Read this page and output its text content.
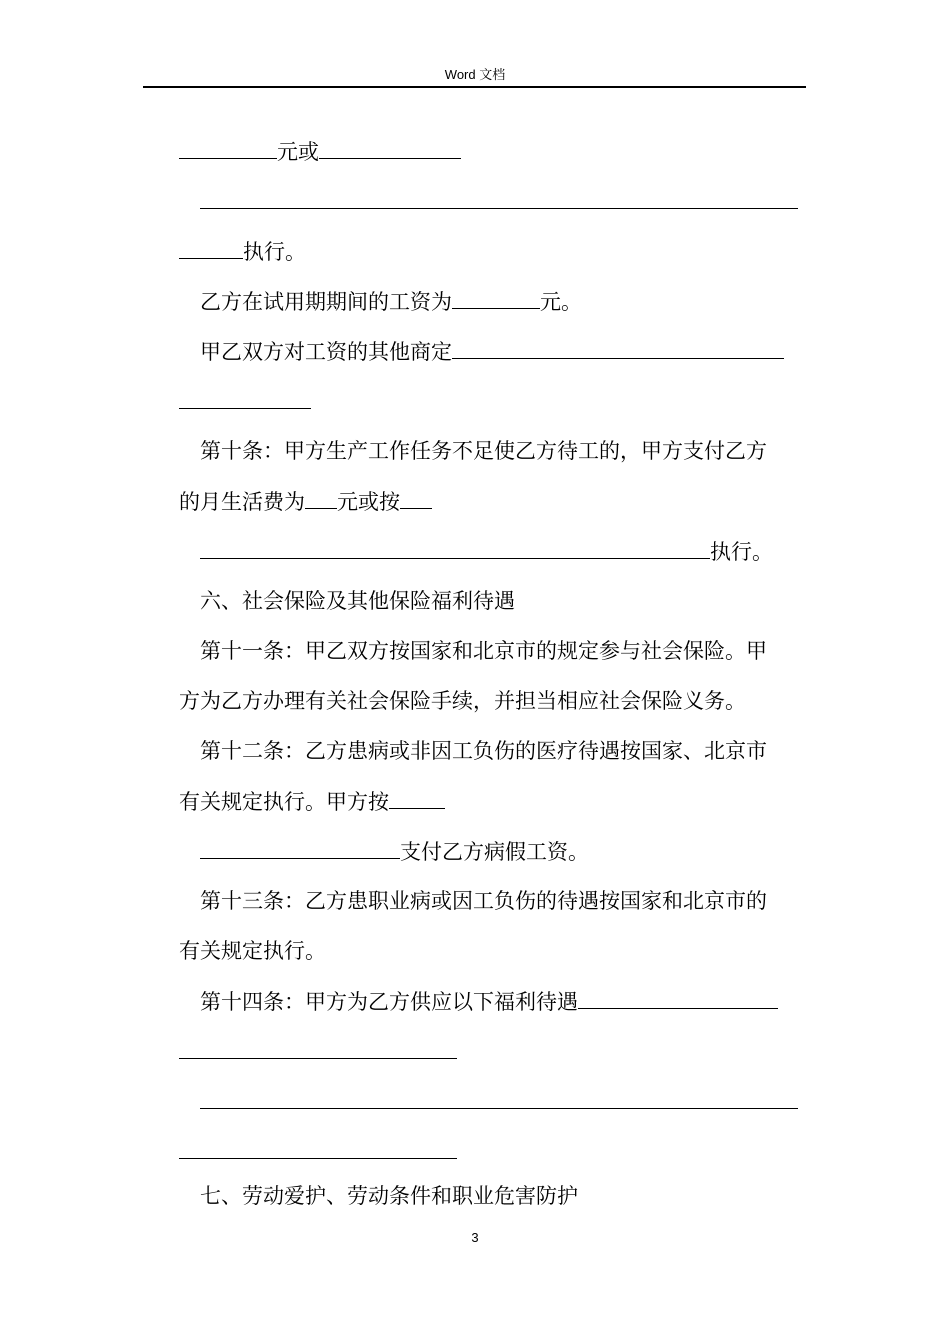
Word 文档
元或
执行。
乙方在试用期期间的工资为	元。
甲乙双方对工资的其他商定
第十条：甲方生产工作任务不足使乙方待工的，甲方支付乙方
的月生活费为 元或按
执行。
六、社会保险及其他保险福利待遇
第十一条：甲乙双方按国家和北京市的规定参与社会保险。甲
方为乙方办理有关社会保险手续，并担当相应社会保险义务。
第十二条：乙方患病或非因工负伤的医疗待遇按国家、北京市
有关规定执行。甲方按
支付乙方病假工资。
第十三条：乙方患职业病或因工负伤的待遇按国家和北京市的
有关规定执行。
第十四条：甲方为乙方供应以下福利待遇
七、劳动爱护、劳动条件和职业危害防护
3
